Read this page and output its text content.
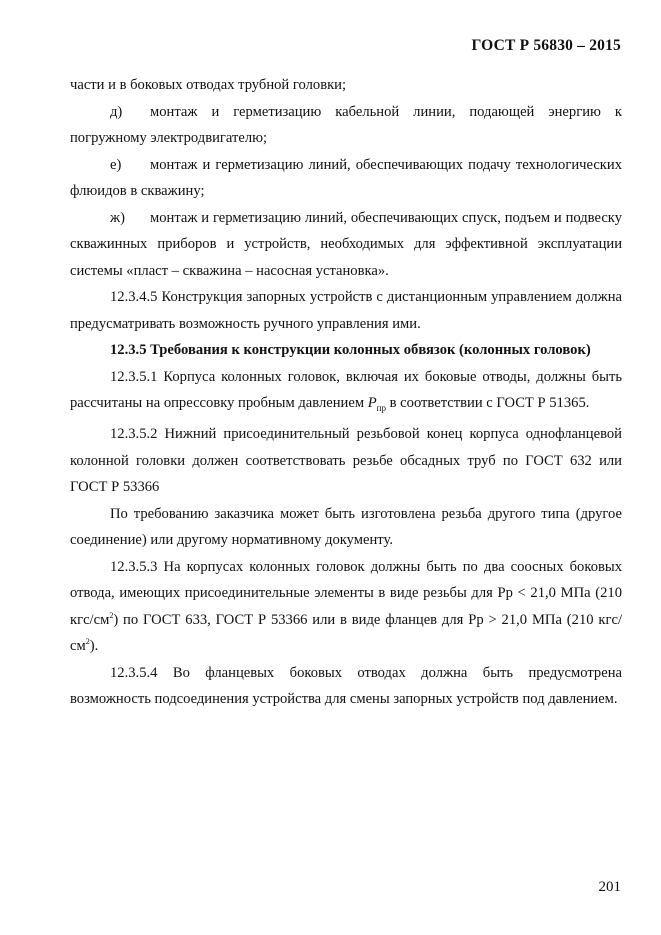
ГОСТ Р 56830 – 2015

части и в боковых отводах трубной головки;

д) монтаж и герметизацию кабельной линии, подающей энергию к погружному электродвигателю;

е) монтаж и герметизацию линий, обеспечивающих подачу технологических флюидов в скважину;

ж) монтаж и герметизацию линий, обеспечивающих спуск, подъем и подвеску скважинных приборов и устройств, необходимых для эффективной эксплуатации системы «пласт – скважина – насосная установка».

12.3.4.5 Конструкция запорных устройств с дистанционным управлением должна предусматривать возможность ручного управления ими.

12.3.5 Требования к конструкции колонных обвязок (колонных головок)

12.3.5.1 Корпуса колонных головок, включая их боковые отводы, должны быть рассчитаны на опрессовку пробным давлением $P_{пр}$ в соответствии с ГОСТ Р 51365.

12.3.5.2 Нижний присоединительный резьбовой конец корпуса однофланцевой колонной головки должен соответствовать резьбе обсадных труб по ГОСТ 632 или ГОСТ Р 53366

По требованию заказчика может быть изготовлена резьба другого типа (другое соединение) или другому нормативному документу.

12.3.5.3 На корпусах колонных головок должны быть по два соосных боковых отвода, имеющих присоединительные элементы в виде резьбы для Рр < 21,0 МПа (210 кгс/$см^2$) по ГОСТ 633, ГОСТ Р 53366 или в виде фланцев для Рр > 21,0 МПа (210 кгс/$см^2$).

12.3.5.4 Во фланцевых боковых отводах должна быть предусмотрена возможность подсоединения устройства для смены запорных устройств под давлением.

201
